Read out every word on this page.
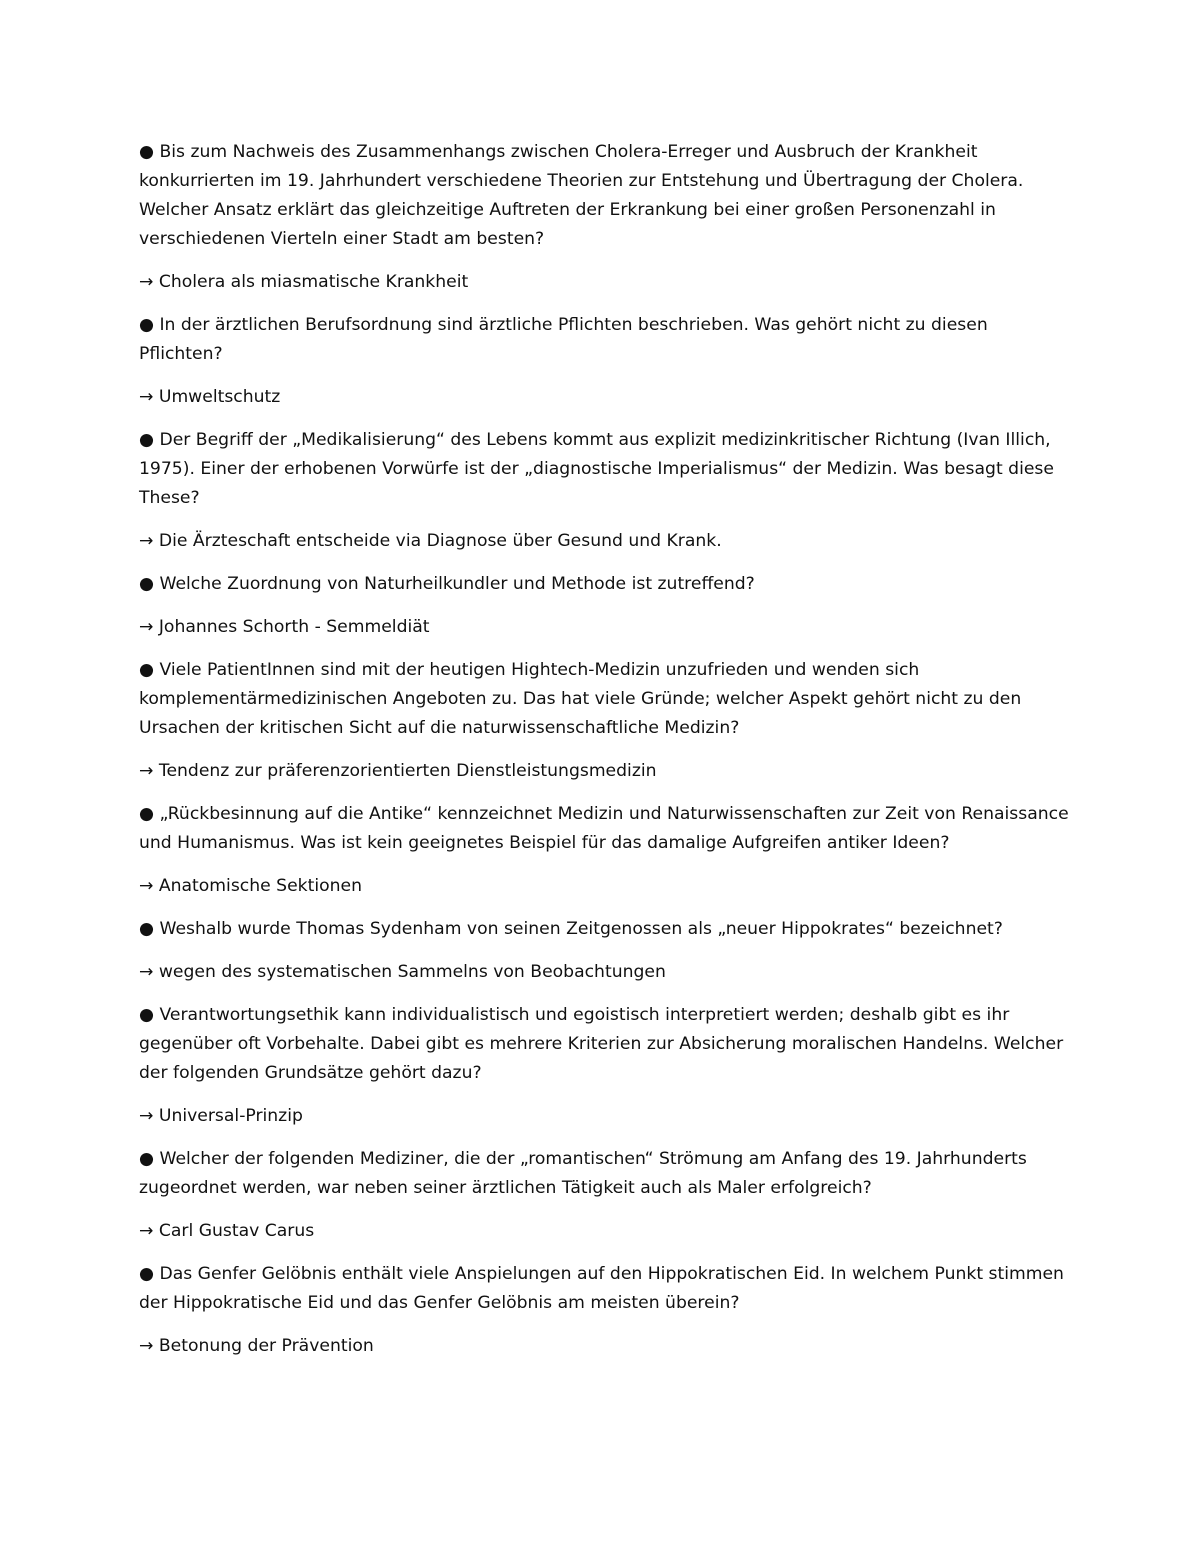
● Bis zum Nachweis des Zusammenhangs zwischen Cholera-Erreger und Ausbruch der Krankheit konkurrierten im 19. Jahrhundert verschiedene Theorien zur Entstehung und Übertragung der Cholera. Welcher Ansatz erklärt das gleichzeitige Auftreten der Erkrankung bei einer großen Personenzahl in verschiedenen Vierteln einer Stadt am besten?

→ Cholera als miasmatische Krankheit

● In der ärztlichen Berufsordnung sind ärztliche Pflichten beschrieben. Was gehört nicht zu diesen Pflichten?

→ Umweltschutz

● Der Begriff der „Medikalisierung“ des Lebens kommt aus explizit medizinkritischer Richtung (Ivan Illich, 1975). Einer der erhobenen Vorwürfe ist der „diagnostische Imperialismus“ der Medizin. Was besagt diese These?

→ Die Ärzteschaft entscheide via Diagnose über Gesund und Krank.

● Welche Zuordnung von Naturheilkundler und Methode ist zutreffend?

→ Johannes Schorth - Semmeldiät

● Viele PatientInnen sind mit der heutigen Hightech-Medizin unzufrieden und wenden sich komplementärmedizinischen Angeboten zu. Das hat viele Gründe; welcher Aspekt gehört nicht zu den Ursachen der kritischen Sicht auf die naturwissenschaftliche Medizin?

→ Tendenz zur präferenzorientierten Dienstleistungsmedizin

● „Rückbesinnung auf die Antike“ kennzeichnet Medizin und Naturwissenschaften zur Zeit von Renaissance und Humanismus. Was ist kein geeignetes Beispiel für das damalige Aufgreifen antiker Ideen?

→ Anatomische Sektionen

● Weshalb wurde Thomas Sydenham von seinen Zeitgenossen als „neuer Hippokrates“ bezeichnet?

→ wegen des systematischen Sammelns von Beobachtungen

● Verantwortungsethik kann individualistisch und egoistisch interpretiert werden; deshalb gibt es ihr gegenüber oft Vorbehalte. Dabei gibt es mehrere Kriterien zur Absicherung moralischen Handelns. Welcher der folgenden Grundsätze gehört dazu?

→ Universal-Prinzip

● Welcher der folgenden Mediziner, die der „romantischen“ Strömung am Anfang des 19. Jahrhunderts zugeordnet werden, war neben seiner ärztlichen Tätigkeit auch als Maler erfolgreich?

→ Carl Gustav Carus

● Das Genfer Gelöbnis enthält viele Anspielungen auf den Hippokratischen Eid. In welchem Punkt stimmen der Hippokratische Eid und das Genfer Gelöbnis am meisten überein?

→ Betonung der Prävention
